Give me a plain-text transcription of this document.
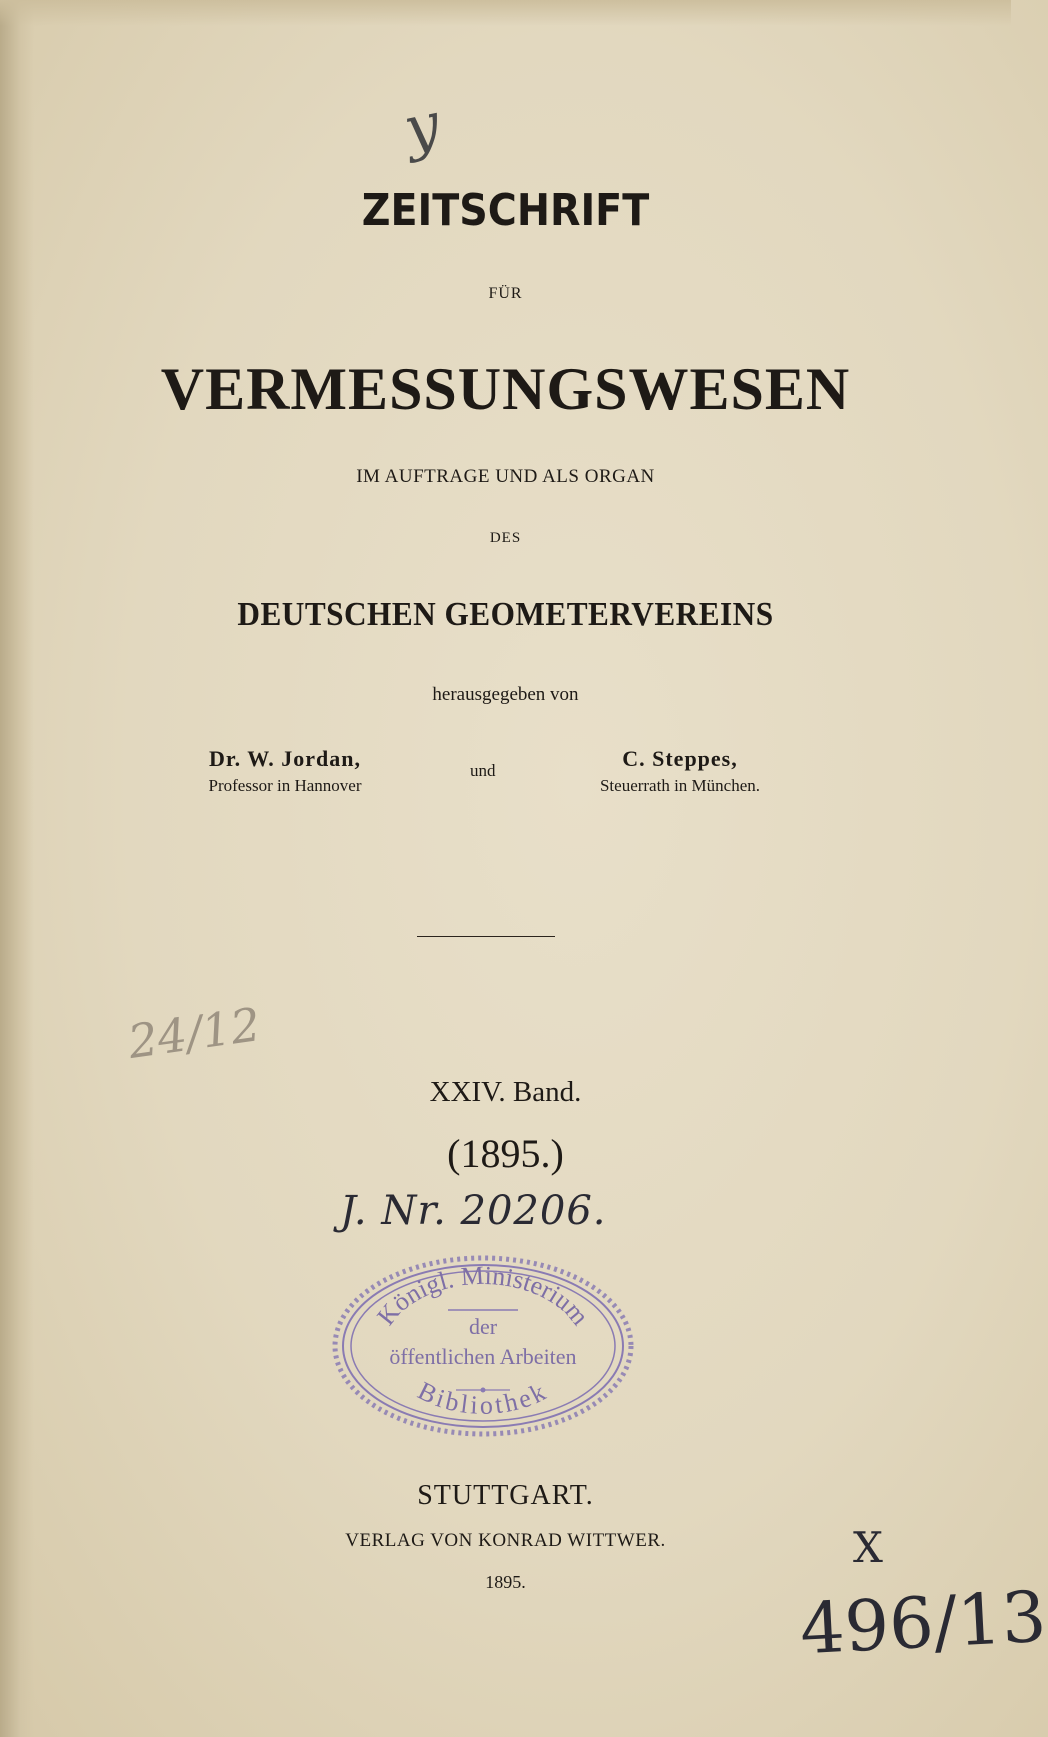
y
ZEITSCHRIFT
FÜR
VERMESSUNGSWESEN
IM AUFTRAGE UND ALS ORGAN
DES
DEUTSCHEN GEOMETERVEREINS
herausgegeben von
Dr. W. Jordan,
Professor in Hannover
und	C. Steppes,
Steuerrath in München.
24/12
XXIV. Band.
(1895.)
J. Nr. 20206.
Königl. Ministerium
Bibliothek
der
öffentlichen Arbeiten
STUTTGART.
VERLAG VON KONRAD WITTWER.
1895.
X
496/13
